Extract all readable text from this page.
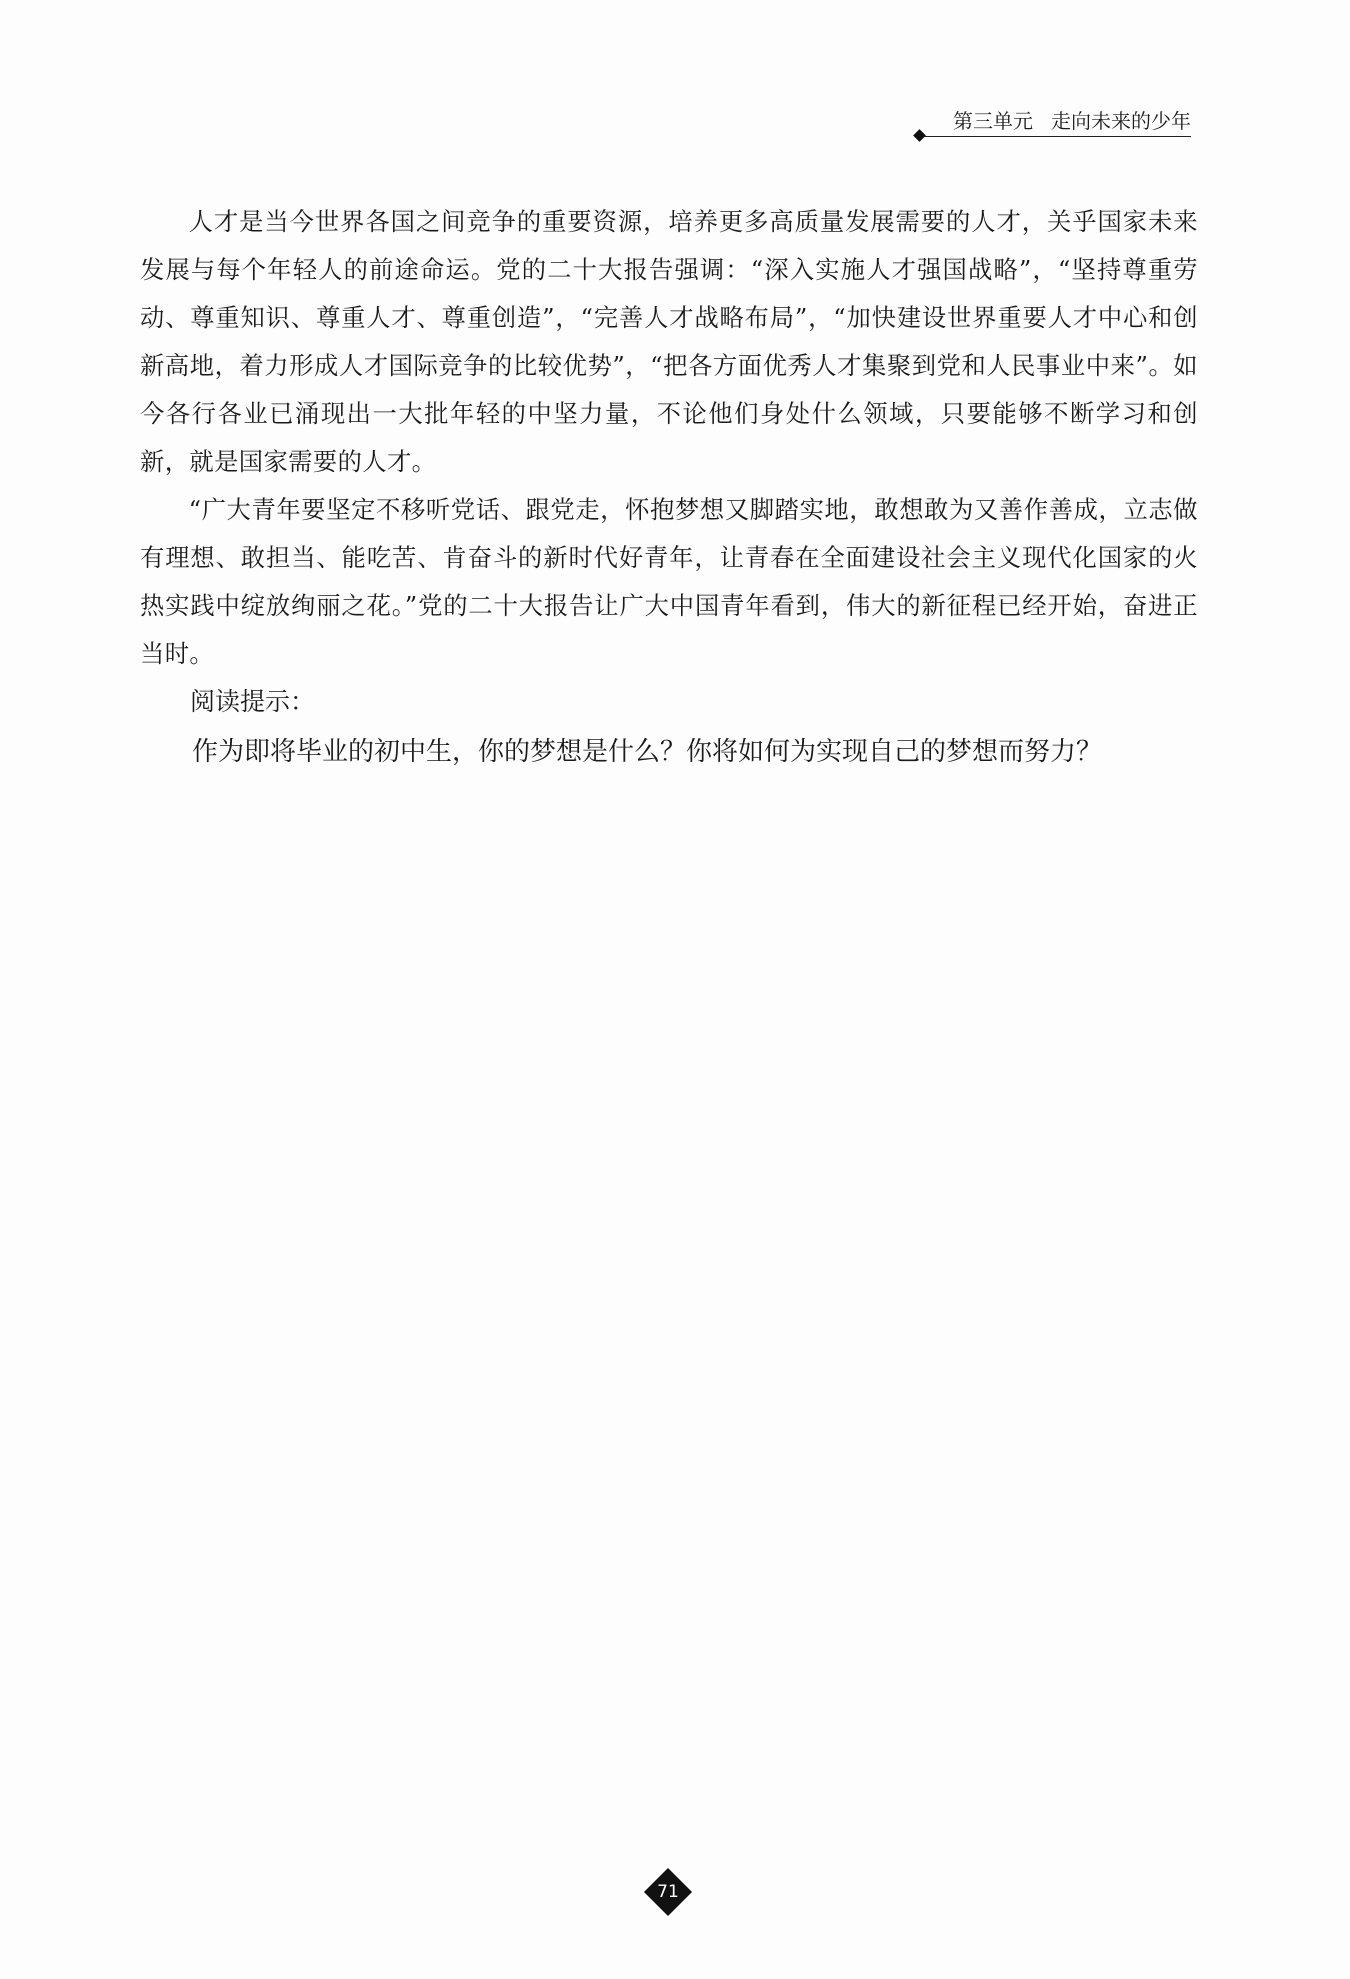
第三单元 走向未来的少年

人才是当今世界各国之间竞争的重要资源，培养更多高质量发展需要的人才，关乎国家未来发展与每个年轻人的前途命运。党的二十大报告强调：“深入实施人才强国战略”，“坚持尊重劳动、尊重知识、尊重人才、尊重创造”，“完善人才战略布局”，“加快建设世界重要人才中心和创新高地，着力形成人才国际竞争的比较优势”，“把各方面优秀人才集聚到党和人民事业中来”。如今各行各业已涌现出一大批年轻的中坚力量，不论他们身处什么领域，只要能够不断学习和创新，就是国家需要的人才。

“广大青年要坚定不移听党话、跟党走，怀抱梦想又脚踏实地，敢想敢为又善作善成，立志做有理想、敢担当、能吃苦、肯奋斗的新时代好青年，让青春在全面建设社会主义现代化国家的火热实践中绽放绚丽之花。”党的二十大报告让广大中国青年看到，伟大的新征程已经开始，奋进正当时。

阅读提示：

作为即将毕业的初中生，你的梦想是什么？你将如何为实现自己的梦想而努力？

71
